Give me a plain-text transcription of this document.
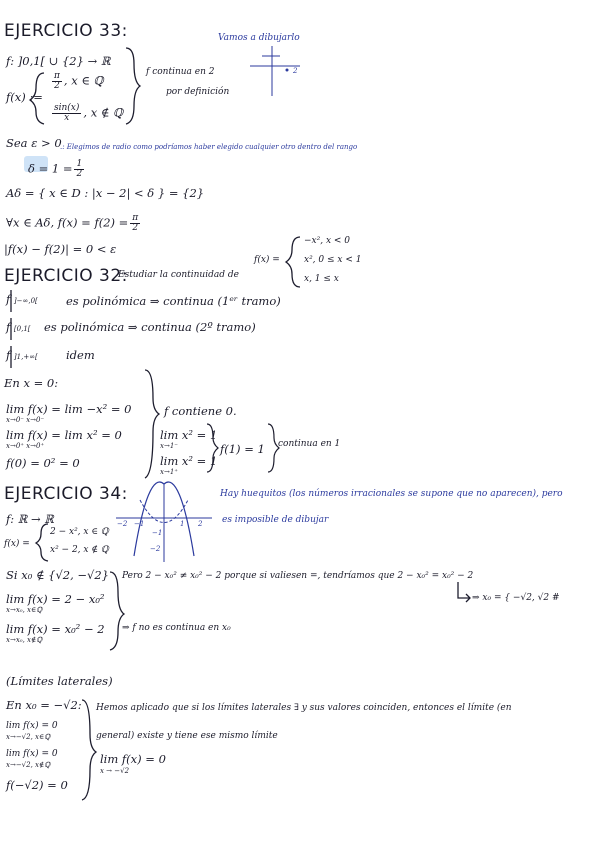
EJERCICIO 33:
f: ]0,1[ ∪ {2} → ℝ
f(x) :=
$\frac{\pi}{2}$ , x ∈ ℚ
$\frac{\sin(x)}{x}$ , x ∉ ℚ
f continua en 2
por definición
Vamos a dibujarlo
2
Sea ε > 0
.: Elegimos de radio como podríamos haber elegido cualquier otro dentro del rango
$\delta = 1 = \frac{1}{2}$
Aδ = { x ∈ D : |x − 2| < δ } = {2}
∀x ∈ Aδ, $f(x) = f(2) = \frac{\pi}{2}$
|f(x) − f(2)| = 0 < ε
f(x) =
−x², x < 0
x², 0 ≤ x < 1
x, 1 ≤ x
EJERCICIO 32:
Estudiar la continuidad de
f ]−∞,0[ es polinómica ⇒ continua (1ᵉʳ tramo)
f [0,1[ es polinómica ⇒ continua (2º tramo)
f ]1,+∞[ idem
En x = 0:
lim f(x) = lim −x² = 0
x→0⁻ x→0⁻
lim f(x) = lim x² = 0
x→0⁺ x→0⁺
f(0) = 0² = 0
f contiene 0.
lim x² = 1
x→1⁻
lim x² = 1
x→1⁺
f(1) = 1 continua en 1
EJERCICIO 34:
f: ℝ → ℝ
f(x) =
2 − x², x ∈ ℚ
x² − 2, x ∉ ℚ
−2 −1	1 2
−1
−2
Hay huequitos (los números irracionales se supone que no aparecen), pero
es imposible de dibujar
Si x₀ ∉ {√2, −√2} Pero 2 − x₀² ≠ x₀² − 2 porque si valiesen =, tendríamos que 2 − x₀² = x₀² − 2
⇒ x₀ = { −√2, √2 #
lim f(x) = 2 − x₀²
x→x₀, x∈ℚ
lim f(x) = x₀² − 2
x→x₀, x∉ℚ
⇒ f no es continua en x₀
(Límites laterales)
En x₀ = −√2:
lim f(x) = 0
x→−√2, x∈ℚ
lim f(x) = 0
x→−√2, x∉ℚ
f(−√2) = 0
Hemos aplicado que si los límites laterales ∃ y sus valores coinciden, entonces el límite (en
general) existe y tiene ese mismo límite
lim f(x) = 0
x → −√2
